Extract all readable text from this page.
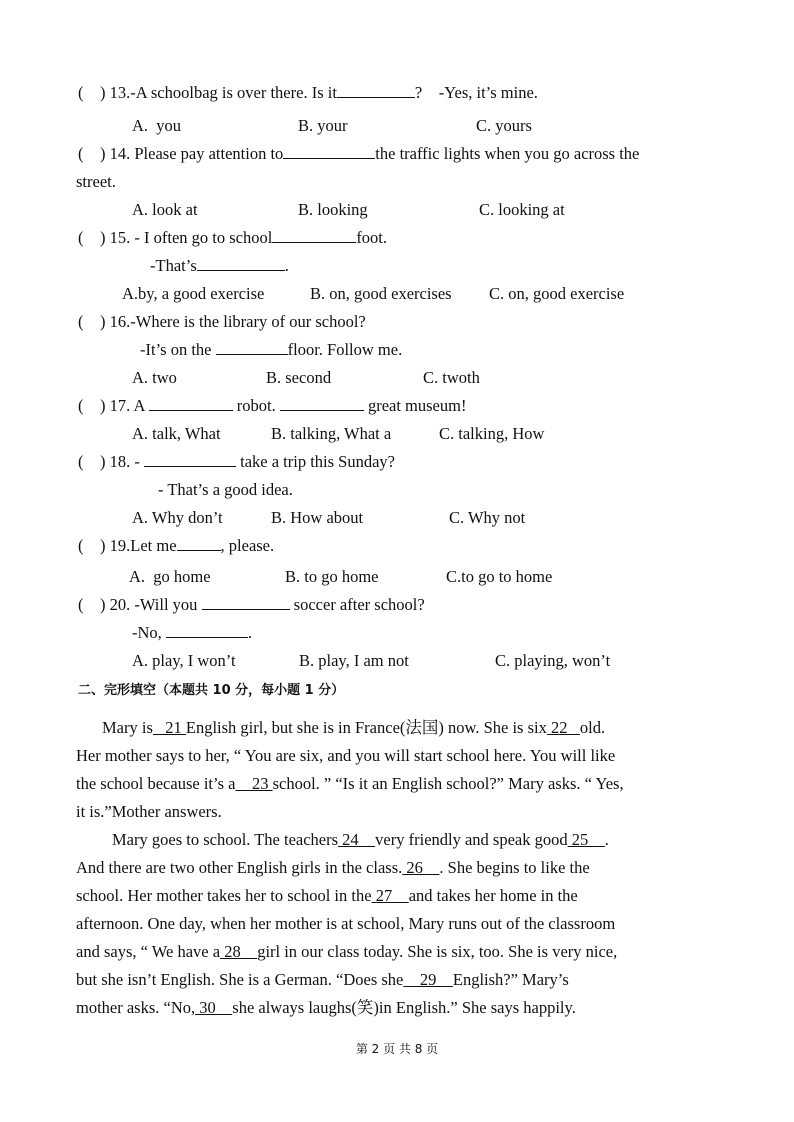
(    ) 13.-A schoolbag is over there. Is it	?    -Yes, it’s mine.
A.  you	B. your	C. yours
(    ) 14. Please pay attention to	the traffic lights when you go across the
street.
A. look at	B. looking	C. looking at
(    ) 15. - I often go to school	foot.
-That’s	.
A.by, a good exercise	B. on, good exercises C. on, good exercise
(    ) 16.-Where is the library of our school?
-It’s on the	floor. Follow me.
A. two	B. second	C. twoth
(    ) 17. A	robot.	great museum!
A. talk, What	B. talking, What a	C. talking, How
(    ) 18. -	take a trip this Sunday?
- That’s a good idea.
A. Why don’t	B. How about	C. Why not
(    ) 19.Let me	, please.
A.  go home	B. to go home	C.to go to home
(    ) 20. -Will you	soccer after school?
-No,	.
A. play, I won’t	B. play, I am not	C. playing, won’t
二、完形填空（本题共 10 分，每小题 1 分）
Mary is   21 English girl, but she is in France(法国) now. She is six 22   old.
Her mother says to her, “ You are six, and you will start school here. You will like
the school because it’s a    23 school. ” “Is it an English school?” Mary asks. “ Yes,
it is.”Mother answers.
Mary goes to school. The teachers 24    very friendly and speak good 25    .
And there are two other English girls in the class. 26    . She begins to like the
school. Her mother takes her to school in the 27    and takes her home in the
afternoon. One day, when her mother is at school, Mary runs out of the classroom
and says, “ We have a 28    girl in our class today. She is six, too. She is very nice,
but she isn’t English. She is a German. “Does she    29    English?” Mary’s
mother asks. “No, 30    she always laughs(笑)in English.” She says happily.
第 2 页 共 8 页
